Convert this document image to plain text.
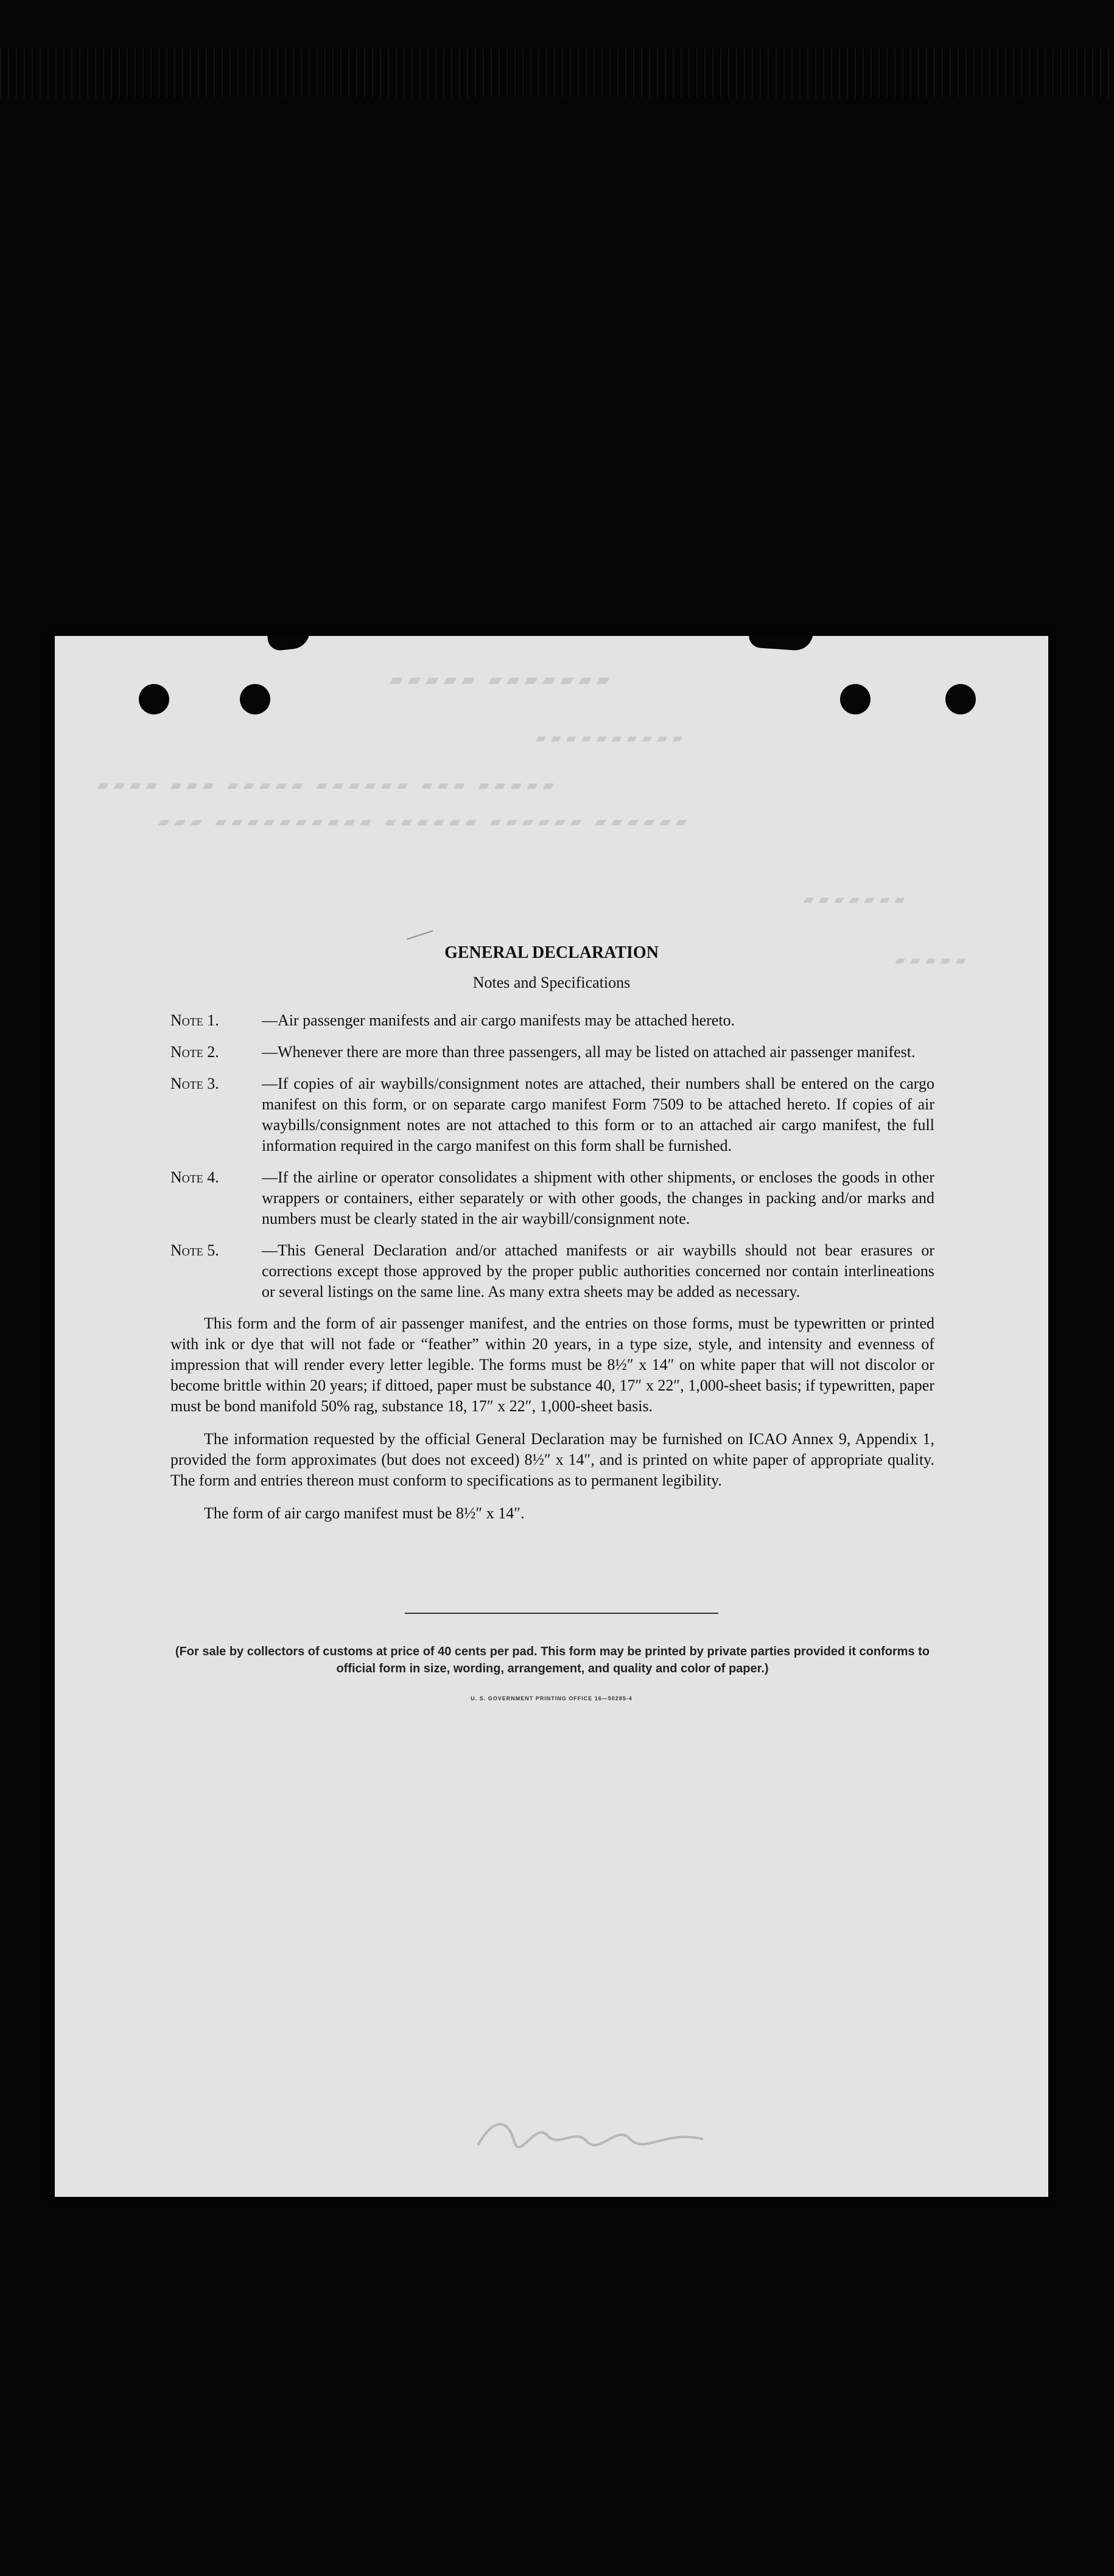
▰▰▰▰▰ ▰▰▰▰▰▰▰
▰▰▰▰▰▰▰▰▰▰
▰▰▰▰ ▰▰▰ ▰▰▰▰▰ ▰▰▰▰▰▰ ▰▰▰ ▰▰▰▰▰
▰▰▰ ▰▰▰▰▰▰▰▰▰▰ ▰▰▰▰▰▰ ▰▰▰▰▰▰ ▰▰▰▰▰▰
▰▰▰▰▰▰▰
▰▰▰▰▰
GENERAL DECLARATION
Notes and Specifications
Note 1.	—Air passenger manifests and air cargo manifests may be attached hereto.
Note 2.	—Whenever there are more than three passengers, all may be listed on attached air passenger manifest.
Note 3.	—If copies of air waybills/consignment notes are attached, their numbers shall be entered on the cargo manifest on this form, or on separate cargo manifest Form 7509 to be attached hereto. If copies of air waybills/consignment notes are not attached to this form or to an attached air cargo manifest, the full information required in the cargo manifest on this form shall be furnished.
Note 4.	—If the airline or operator consolidates a shipment with other shipments, or encloses the goods in other wrappers or containers, either separately or with other goods, the changes in packing and/or marks and numbers must be clearly stated in the air waybill/consignment note.
Note 5.	—This General Declaration and/or attached manifests or air waybills should not bear erasures or corrections except those approved by the proper public authorities concerned nor contain interlineations or several listings on the same line. As many extra sheets may be added as necessary.

This form and the form of air passenger manifest, and the entries on those forms, must be typewritten or printed with ink or dye that will not fade or “feather” within 20 years, in a type size, style, and intensity and evenness of impression that will render every letter legible. The forms must be 8½″ x 14″ on white paper that will not discolor or become brittle within 20 years; if dittoed, paper must be substance 40, 17″ x 22″, 1,000-sheet basis; if typewritten, paper must be bond manifold 50% rag, substance 18, 17″ x 22″, 1,000-sheet basis.

The information requested by the official General Declaration may be furnished on ICAO Annex 9, Appendix 1, provided the form approximates (but does not exceed) 8½″ x 14″, and is printed on white paper of appropriate quality. The form and entries thereon must conform to specifications as to permanent legibility.

The form of air cargo manifest must be 8½″ x 14″.

(For sale by collectors of customs at price of 40 cents per pad. This form may be printed by private parties provided it conforms to official form in size, wording, arrangement, and quality and color of paper.)
U. S. GOVERNMENT PRINTING OFFICE 16—50285-4
